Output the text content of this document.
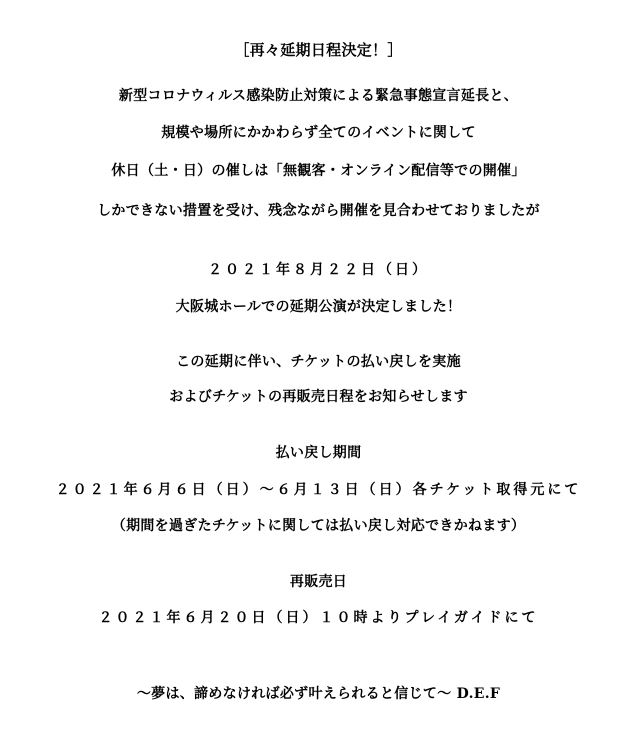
［再々延期日程決定！］
新型コロナウィルス感染防止対策による緊急事態宣言延長と、
規模や場所にかかわらず全てのイベントに関して
休日（土・日）の催しは「無観客・オンライン配信等での開催」
しかできない措置を受け、残念ながら開催を見合わせておりましたが
２０２１年８月２２日（日）
大阪城ホールでの延期公演が決定しました！
この延期に伴い、チケットの払い戻しを実施
およびチケットの再販売日程をお知らせします
払い戻し期間
２０２１年６月６日（日）～６月１３日（日）各チケット取得元にて
（期間を過ぎたチケットに関しては払い戻し対応できかねます）
再販売日
２０２１年６月２０日（日）１０時よりプレイガイドにて
～夢は、諦めなければ必ず叶えられると信じて～ D.E.F
